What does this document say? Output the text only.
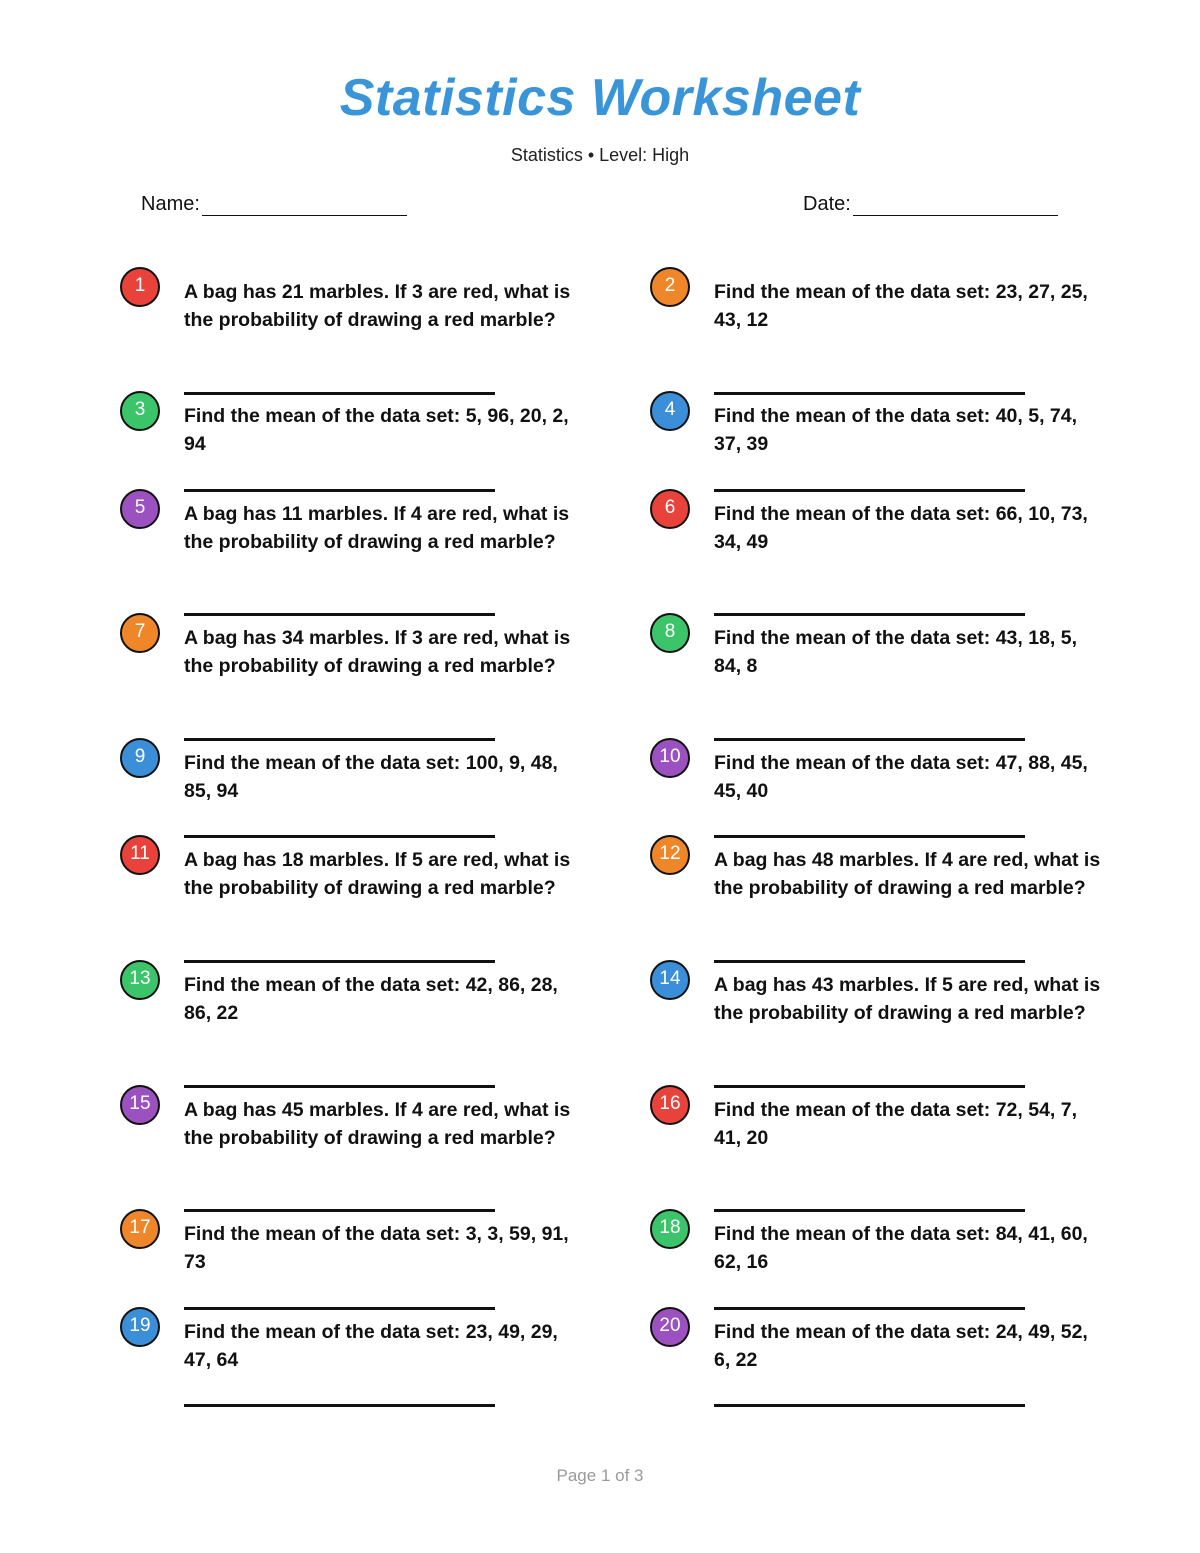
Statistics Worksheet
Statistics • Level: High
Name:	Date:
1	A bag has 21 marbles. If 3 are red, what is the probability of drawing a red marble?
2	Find the mean of the data set: 23, 27, 25, 43, 12
3	Find the mean of the data set: 5, 96, 20, 2, 94
4	Find the mean of the data set: 40, 5, 74, 37, 39
5	A bag has 11 marbles. If 4 are red, what is the probability of drawing a red marble?
6	Find the mean of the data set: 66, 10, 73, 34, 49
7	A bag has 34 marbles. If 3 are red, what is the probability of drawing a red marble?
8	Find the mean of the data set: 43, 18, 5, 84, 8
9	Find the mean of the data set: 100, 9, 48, 85, 94
10	Find the mean of the data set: 47, 88, 45, 45, 40
11	A bag has 18 marbles. If 5 are red, what is the probability of drawing a red marble?
12	A bag has 48 marbles. If 4 are red, what is the probability of drawing a red marble?
13	Find the mean of the data set: 42, 86, 28, 86, 22
14	A bag has 43 marbles. If 5 are red, what is the probability of drawing a red marble?
15	A bag has 45 marbles. If 4 are red, what is the probability of drawing a red marble?
16	Find the mean of the data set: 72, 54, 7, 41, 20
17	Find the mean of the data set: 3, 3, 59, 91, 73
18	Find the mean of the data set: 84, 41, 60, 62, 16
19	Find the mean of the data set: 23, 49, 29, 47, 64
20	Find the mean of the data set: 24, 49, 52, 6, 22
Page 1 of 3
